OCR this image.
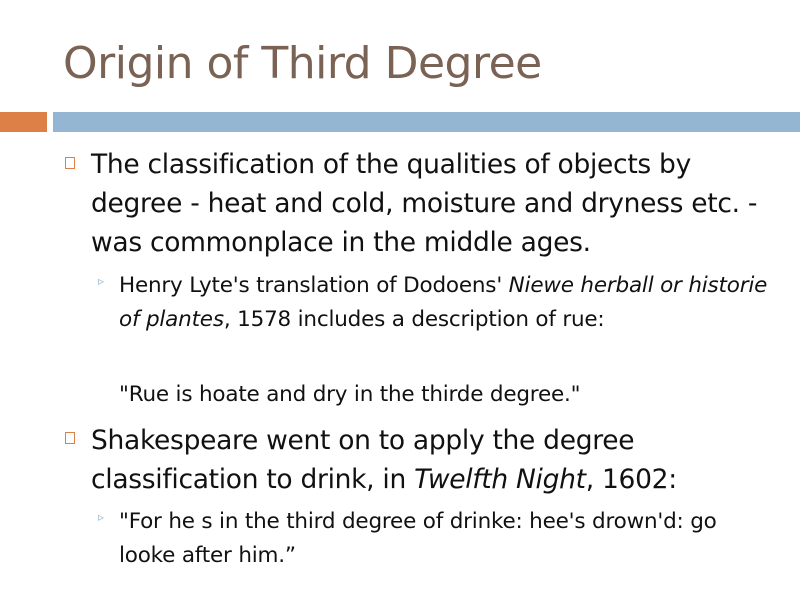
Origin of Third Degree
The classification of the qualities of objects by degree - heat and cold, moisture and dryness etc. - was commonplace in the middle ages.
▹ Henry Lyte's translation of Dodoens' Niewe herball or historie of plantes, 1578 includes a description of rue:
"Rue is hoate and dry in the thirde degree."
Shakespeare went on to apply the degree classification to drink, in Twelfth Night, 1602:
▹ "For he s in the third degree of drinke: hee's drown'd: go looke after him.”
